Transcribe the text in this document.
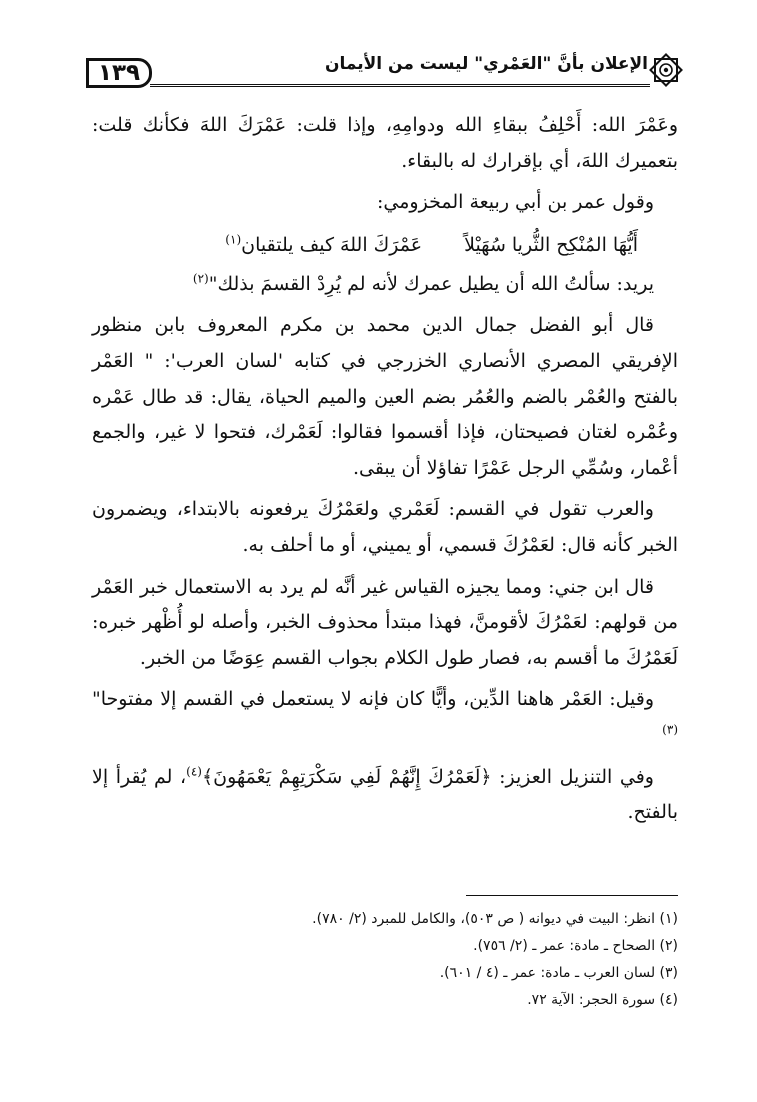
١٣٩	الإعلان بأنَّ "العَمْري" ليست من الأيمان

وعَمْرَ الله: أَحْلِفُ ببقاءِ الله ودوامِهِ، وإذا قلت: عَمْرَكَ اللهَ فكأنك قلت: بتعميرك اللهَ، أي بإقرارك له بالبقاء.

وقول عمر بن أبي ربيعة المخزومي:

أَيُّهَا المُنْكِح الثُّريا سُهَيْلاً
عَمْرَكَ اللهَ كيف يلتقيان$^{(١)}$

يريد: سألتُ الله أن يطيل عمرك لأنه لم يُرِدْ القسمَ بذلك"$^{(٢)}$

قال أبو الفضل جمال الدين محمد بن مكرم المعروف بابن منظور الإفريقي المصري الأنصاري الخزرجي في كتابه 'لسان العرب': " العَمْر بالفتح والعُمْر بالضم والعُمُر بضم العين والميم الحياة، يقال: قد طال عَمْره وعُمْره لغتان فصيحتان، فإذا أقسموا فقالوا: لَعَمْرك، فتحوا لا غير، والجمع أعْمار، وسُمِّي الرجل عَمْرًا تفاؤلا أن يبقى.

والعرب تقول في القسم: لَعَمْري ولعَمْرُكَ يرفعونه بالابتداء، ويضمرون الخبر كأنه قال: لعَمْرُكَ قسمي، أو يميني، أو ما أحلف به.

قال ابن جني: ومما يجيزه القياس غير أنَّه لم يرد به الاستعمال خبر العَمْر من قولهم: لعَمْرُكَ لأقومنَّ، فهذا مبتدأ محذوف الخبر، وأصله لو أُظْهر خبره: لَعَمْرُكَ ما أقسم به، فصار طول الكلام بجواب القسم عِوَضًا من الخبر.

وقيل: العَمْر هاهنا الدِّين، وأيًّا كان فإنه لا يستعمل في القسم إلا مفتوحا"$^{(٣)}$

وفي التنزيل العزيز: ﴿لَعَمْرُكَ إِنَّهُمْ لَفِي سَكْرَتِهِمْ يَعْمَهُونَ﴾$^{(٤)}$، لم يُقرأ إلا بالفتح.

(١) انظر: البيت في ديوانه ( ص ٥٠٣)، والكامل للمبرد (٢/ ٧٨٠).
(٢) الصحاح ـ مادة: عمر ـ (٢/ ٧٥٦).
(٣) لسان العرب ـ مادة: عمر ـ (٤ / ٦٠١).
(٤) سورة الحجر: الآية ٧٢.
